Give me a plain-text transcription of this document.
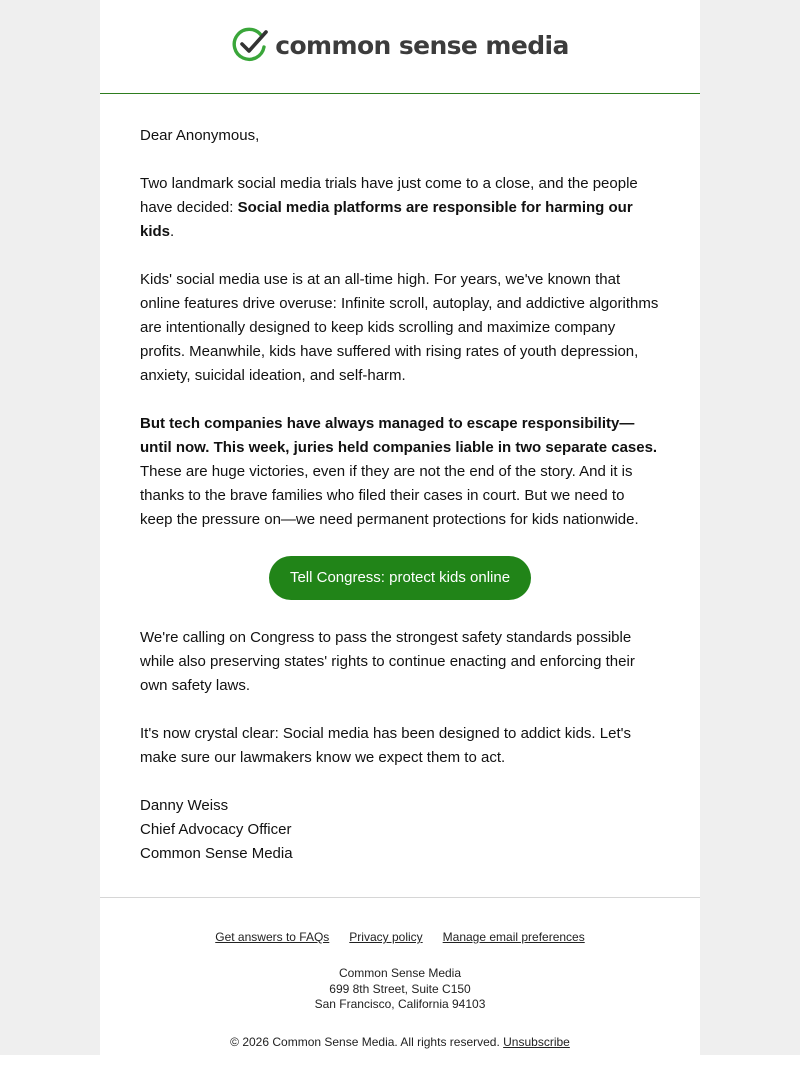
common sense media

Dear Anonymous,

Two landmark social media trials have just come to a close, and the people have decided: Social media platforms are responsible for harming our kids.

Kids' social media use is at an all-time high. For years, we've known that online features drive overuse: Infinite scroll, autoplay, and addictive algorithms are intentionally designed to keep kids scrolling and maximize company profits. Meanwhile, kids have suffered with rising rates of youth depression, anxiety, suicidal ideation, and self-harm.

But tech companies have always managed to escape responsibility—until now. This week, juries held companies liable in two separate cases. These are huge victories, even if they are not the end of the story. And it is thanks to the brave families who filed their cases in court. But we need to keep the pressure on—we need permanent protections for kids nationwide.

Tell Congress: protect kids online

We're calling on Congress to pass the strongest safety standards possible while also preserving states' rights to continue enacting and enforcing their own safety laws.

It's now crystal clear: Social media has been designed to addict kids. Let's make sure our lawmakers know we expect them to act.

Danny Weiss

Chief Advocacy Officer

Common Sense Media

Get answers to FAQs Privacy policy Manage email preferences
Common Sense Media
699 8th Street, Suite C150
San Francisco, California 94103
© 2026 Common Sense Media. All rights reserved. Unsubscribe
